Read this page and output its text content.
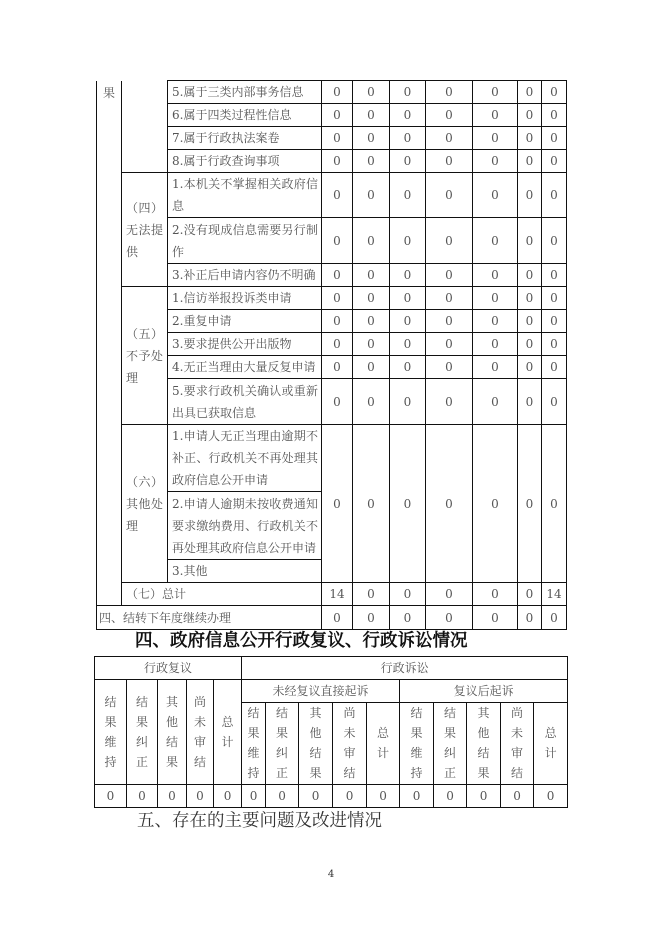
果		5.属于三类内部事务信息	0	0	0	0	0	0	0
		6.属于四类过程性信息	0	0	0	0	0	0	0
		7.属于行政执法案卷	0	0	0	0	0	0	0
		8.属于行政查询事项	0	0	0	0	0	0	0
	（四）无法提供	1.本机关不掌握相关政府信息	0	0	0	0	0	0	0
		2.没有现成信息需要另行制作	0	0	0	0	0	0	0
		3.补正后申请内容仍不明确	0	0	0	0	0	0	0
	（五）不予处理	1.信访举报投诉类申请	0	0	0	0	0	0	0
		2.重复申请	0	0	0	0	0	0	0
		3.要求提供公开出版物	0	0	0	0	0	0	0
		4.无正当理由大量反复申请	0	0	0	0	0	0	0
		5.要求行政机关确认或重新出具已获取信息	0	0	0	0	0	0	0
	（六）其他处理	1.申请人无正当理由逾期不补正、行政机关不再处理其政府信息公开申请	0	0	0	0	0	0	0
		2.申请人逾期未按收费通知要求缴纳费用、行政机关不再处理其政府信息公开申请							
		3.其他							
	（七）总计		14	0	0	0	0	0	14
四、结转下年度继续办理			0	0	0	0	0	0	0
四、政府信息公开行政复议、行政诉讼情况
行政复议					行政诉讼									
结果维持	结果纠正	其他结果	尚未审结	总计	未经复议直接起诉					复议后起诉				
					结果维持	结果纠正	其他结果	尚未审结	总计	结果维持	结果纠正	其他结果	尚未审结	总计
0	0	0	0	0	0	0	0	0	0	0	0	0	0	0
五、存在的主要问题及改进情况
4
